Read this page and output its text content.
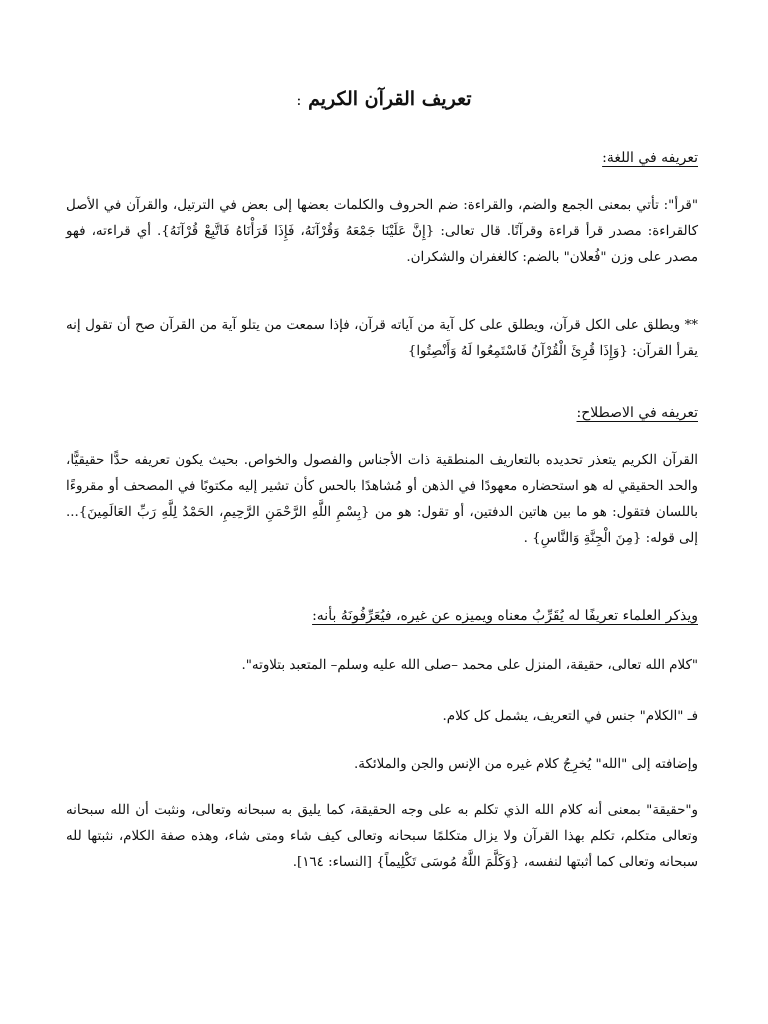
تعريف القرآن الكريم :
تعريفه في اللغة:
"قرأ": تأتي بمعنى الجمع والضم، والقراءة: ضم الحروف والكلمات بعضها إلى بعض في الترتيل، والقرآن في الأصل كالقراءة: مصدر قرأ قراءة وقرآنًا. قال تعالى: {إِنَّ عَلَيْنَا جَمْعَهُ وَقُرْآنَهُ، فَإِذَا قَرَأْنَاهُ فَاتَّبِعْ قُرْآنَهُ}. أي قراءته، فهو مصدر على وزن "فُعلان" بالضم: كالغفران والشكران.
** ويطلق على الكل قرآن، ويطلق على كل آية من آياته قرآن، فإذا سمعت من يتلو آية من القرآن صح أن تقول إنه يقرأ القرآن: {وَإِذَا قُرِئَ الْقُرْآنُ فَاسْتَمِعُوا لَهُ وَأَنْصِتُوا}
تعريفه في الاصطلاح:
القرآن الكريم يتعذر تحديده بالتعاريف المنطقية ذات الأجناس والفصول والخواص. بحيث يكون تعريفه حدًّا حقيقيًّا، والحد الحقيقي له هو استحضاره معهودًا في الذهن أو مُشاهدًا بالحس كأن تشير إليه مكتوبًا في المصحف أو مقروءًا باللسان فتقول: هو ما بين هاتين الدفتين، أو تقول: هو من {بِسْمِ اللَّهِ الرَّحْمَنِ الرَّحِيمِ، الحَمْدُ لِلَّهِ رَبِّ العَالَمِينَ}... إلى قوله: {مِنَ الْجِنَّةِ وَالنَّاسِ} .
ويذكر العلماء تعريفًا له يُقَرِّبُ معناه ويميزه عن غيره، فيُعَرِّفُونَهُ بأنه:
"كلام الله تعالى، حقيقة، المنزل على محمد –صلى الله عليه وسلم– المتعبد بتلاوته".
فـ "الكلام" جنس في التعريف، يشمل كل كلام.
وإضافته إلى "الله" يُخرِجُ كلام غيره من الإنس والجن والملائكة.
و"حقيقة" بمعنى أنه كلام الله الذي تكلم به على وجه الحقيقة، كما يليق به سبحانه وتعالى، ونثبت أن الله سبحانه وتعالى متكلم، تكلم بهذا القرآن ولا يزال متكلمًا سبحانه وتعالى كيف شاء ومتى شاء، وهذه صفة الكلام، نثبتها لله سبحانه وتعالى كما أثبتها لنفسه، {وَكَلَّمَ اللَّهُ مُوسَى تَكْلِيماً} [النساء: ١٦٤].
